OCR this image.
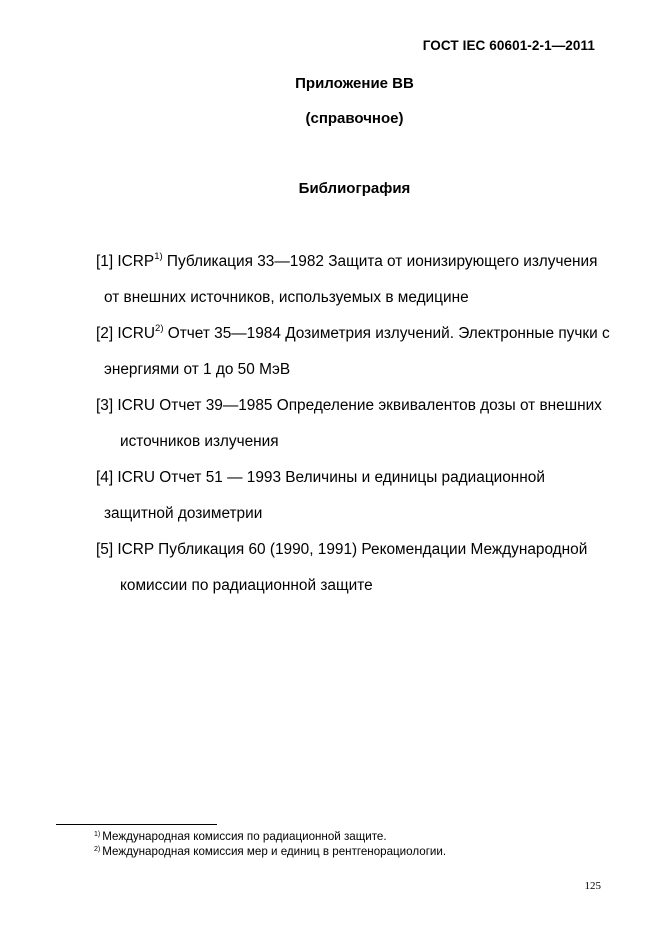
ГОСТ IEC 60601-2-1—2011
Приложение ВВ
(справочное)
Библиография
[1] ICRP$^{1)}$ Публикация 33—1982 Защита от ионизирующего излучения
от внешних источников, используемых в медицине
[2] ICRU$^{2)}$ Отчет 35—1984 Дозиметрия излучений. Электронные пучки с
энергиями от 1 до 50 МэВ
[3] ICRU Отчет 39—1985 Определение эквивалентов дозы от внешних
источников излучения
[4] ICRU Отчет 51 — 1993 Величины и единицы радиационной
защитной дозиметрии
[5] ICRP Публикация 60 (1990, 1991) Рекомендации Международной
комиссии по радиационной защите
$^{1)}$ Международная комиссия по радиационной защите.
$^{2)}$ Международная комиссия мер и единиц в рентгенорациологии.
125
